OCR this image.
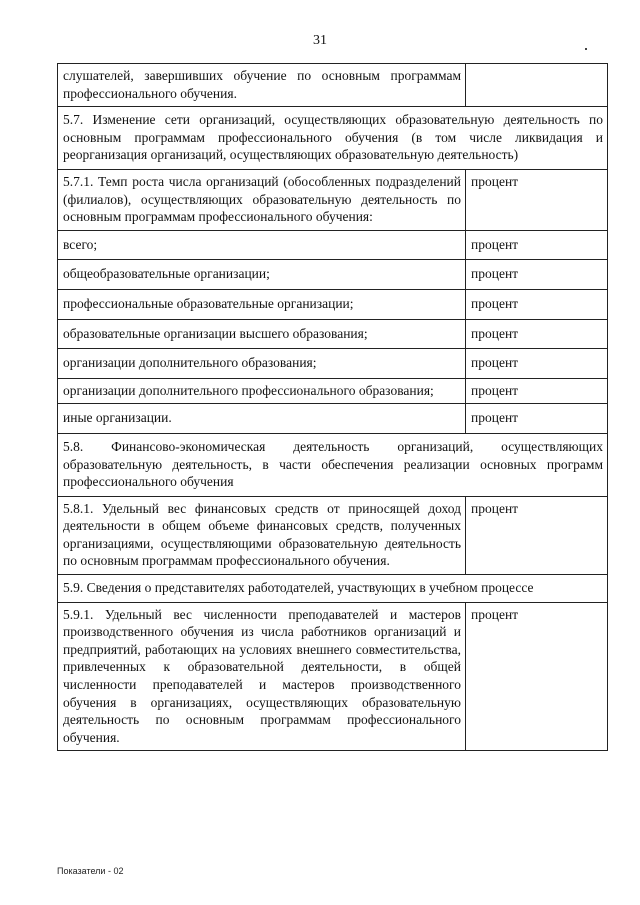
31
слушателей, завершивших обучение по основным программам профессионального обучения.	
5.7. Изменение сети организаций, осуществляющих образовательную деятельность по основным программам профессионального обучения (в том числе ликвидация и реорганизация организаций, осуществляющих образовательную деятельность)	
5.7.1. Темп роста числа организаций (обособленных подразделений (филиалов), осуществляющих образовательную деятельность по основным программам профессионального обучения:	процент
всего;	процент
общеобразовательные организации;	процент
профессиональные образовательные организации;	процент
образовательные организации высшего образования;	процент
организации дополнительного образования;	процент
организации дополнительного профессионального образования;	процент
иные организации.	процент
5.8. Финансово-экономическая деятельность организаций, осуществляющих образовательную деятельность, в части обеспечения реализации основных программ профессионального обучения	
5.8.1. Удельный вес финансовых средств от приносящей доход деятельности в общем объеме финансовых средств, полученных организациями, осуществляющими образовательную деятельность по основным программам профессионального обучения.	процент
5.9. Сведения о представителях работодателей, участвующих в учебном процессе	
5.9.1. Удельный вес численности преподавателей и мастеров производственного обучения из числа работников организаций и предприятий, работающих на условиях внешнего совместительства, привлеченных к образовательной деятельности, в общей численности преподавателей и мастеров производственного обучения в организациях, осуществляющих образовательную деятельность по основным программам профессионального обучения.	процент
Показатели - 02
